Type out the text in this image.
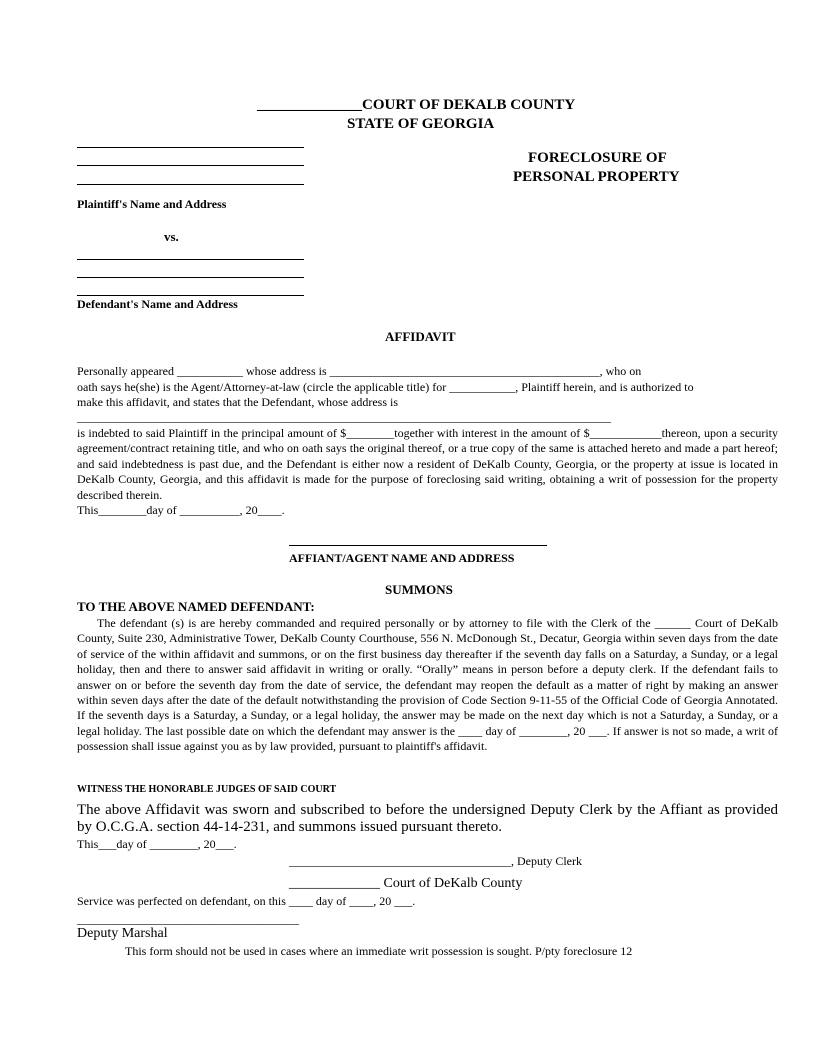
______________COURT OF DEKALB COUNTY
STATE OF GEORGIA
FORECLOSURE OF
PERSONAL PROPERTY
Plaintiff's Name and Address
vs.
Defendant's Name and Address
AFFIDAVIT
Personally appeared ___________ whose address is _____________________________________________, who on
oath says he(she) is the Agent/Attorney-at-law (circle the applicable title) for ___________, Plaintiff herein, and is authorized to
make this affidavit, and states that the Defendant, whose address is
_________________________________________________________________________________________
is indebted to said Plaintiff in the principal amount of $________together with interest in the amount of $____________thereon, upon a security agreement/contract retaining title, and who on oath says the original thereof, or a true copy of the same is attached hereto and made a part hereof; and said indebtedness is past due, and the Defendant is either now a resident of DeKalb County, Georgia, or the property at issue is located in DeKalb County, Georgia, and this affidavit is made for the purpose of foreclosing said writing, obtaining a writ of possession for the property described therein.
This________day of __________, 20____.
AFFIANT/AGENT NAME AND ADDRESS
SUMMONS
TO THE ABOVE NAMED DEFENDANT:
The defendant (s) is are hereby commanded and required personally or by attorney to file with the Clerk of the ______ Court of DeKalb County, Suite 230, Administrative Tower, DeKalb County Courthouse, 556 N. McDonough St., Decatur, Georgia within seven days from the date of service of the within affidavit and summons, or on the first business day thereafter if the seventh day falls on a Saturday, a Sunday, or a legal holiday, then and there to answer said affidavit in writing or orally. “Orally” means in person before a deputy clerk. If the defendant fails to answer on or before the seventh day from the date of service, the defendant may reopen the default as a matter of right by making an answer within seven days after the date of the default notwithstanding the provision of Code Section 9-11-55 of the Official Code of Georgia Annotated. If the seventh days is a Saturday, a Sunday, or a legal holiday, the answer may be made on the next day which is not a Saturday, a Sunday, or a legal holiday. The last possible date on which the defendant may answer is the ____ day of ________, 20 ___. If answer is not so made, a writ of possession shall issue against you as by law provided, pursuant to plaintiff's affidavit.
WITNESS THE HONORABLE JUDGES OF SAID COURT
The above Affidavit was sworn and subscribed to before the undersigned Deputy Clerk by the Affiant as provided by O.C.G.A. section 44-14-231, and summons issued pursuant thereto.
This___day of ________, 20___.
_____________________________________, Deputy Clerk
_____________ Court of DeKalb County
Service was perfected on defendant, on this ____ day of ____, 20 ___.
_____________________________________
Deputy Marshal
This form should not be used in cases where an immediate writ possession is sought. P/pty foreclosure 12
